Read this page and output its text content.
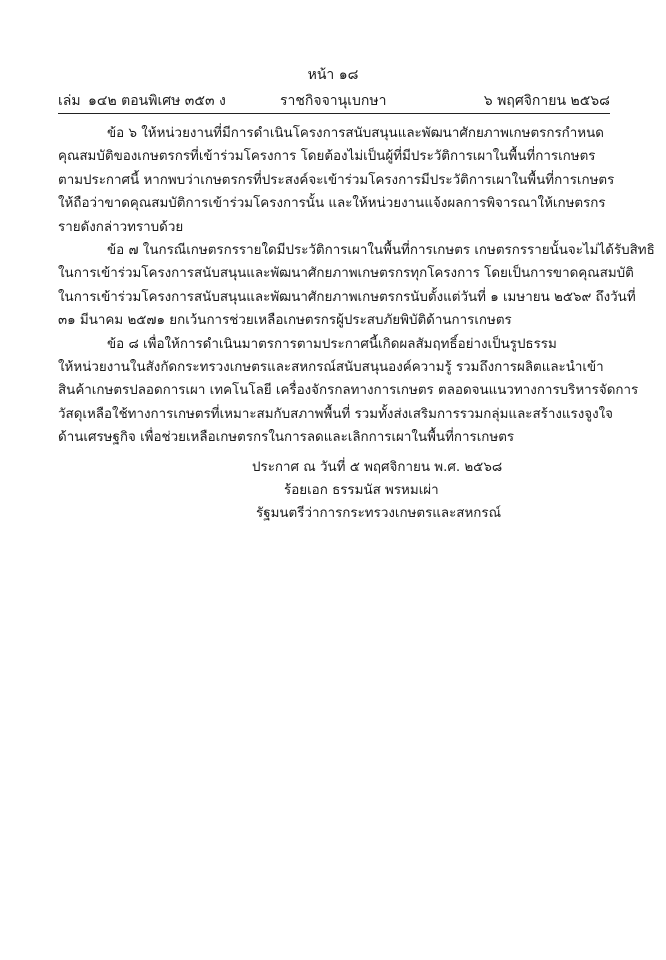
หน้า ๑๘
เล่ม ๑๔๒ ตอนพิเศษ ๓๕๓ ง	ราชกิจจานุเบกษา	๖ พฤศจิกายน ๒๕๖๘
ข้อ ๖ ให้หน่วยงานที่มีการดำเนินโครงการสนับสนุนและพัฒนาศักยภาพเกษตรกรกำหนด
คุณสมบัติของเกษตรกรที่เข้าร่วมโครงการ โดยต้องไม่เป็นผู้ที่มีประวัติการเผาในพื้นที่การเกษตร
ตามประกาศนี้ หากพบว่าเกษตรกรที่ประสงค์จะเข้าร่วมโครงการมีประวัติการเผาในพื้นที่การเกษตร
ให้ถือว่าขาดคุณสมบัติการเข้าร่วมโครงการนั้น และให้หน่วยงานแจ้งผลการพิจารณาให้เกษตรกร
รายดังกล่าวทราบด้วย
ข้อ ๗ ในกรณีเกษตรกรรายใดมีประวัติการเผาในพื้นที่การเกษตร เกษตรกรรายนั้นจะไม่ได้รับสิทธิ
ในการเข้าร่วมโครงการสนับสนุนและพัฒนาศักยภาพเกษตรกรทุกโครงการ โดยเป็นการขาดคุณสมบัติ
ในการเข้าร่วมโครงการสนับสนุนและพัฒนาศักยภาพเกษตรกรนับตั้งแต่วันที่ ๑ เมษายน ๒๕๖๙ ถึงวันที่
๓๑ มีนาคม ๒๕๗๑ ยกเว้นการช่วยเหลือเกษตรกรผู้ประสบภัยพิบัติด้านการเกษตร
ข้อ ๘ เพื่อให้การดำเนินมาตรการตามประกาศนี้เกิดผลสัมฤทธิ์อย่างเป็นรูปธรรม
ให้หน่วยงานในสังกัดกระทรวงเกษตรและสหกรณ์สนับสนุนองค์ความรู้ รวมถึงการผลิตและนำเข้า
สินค้าเกษตรปลอดการเผา เทคโนโลยี เครื่องจักรกลทางการเกษตร ตลอดจนแนวทางการบริหารจัดการ
วัสดุเหลือใช้ทางการเกษตรที่เหมาะสมกับสภาพพื้นที่ รวมทั้งส่งเสริมการรวมกลุ่มและสร้างแรงจูงใจ
ด้านเศรษฐกิจ เพื่อช่วยเหลือเกษตรกรในการลดและเลิกการเผาในพื้นที่การเกษตร
ประกาศ ณ วันที่ ๕ พฤศจิกายน พ.ศ. ๒๕๖๘
ร้อยเอก ธรรมนัส พรหมเผ่า
รัฐมนตรีว่าการกระทรวงเกษตรและสหกรณ์
